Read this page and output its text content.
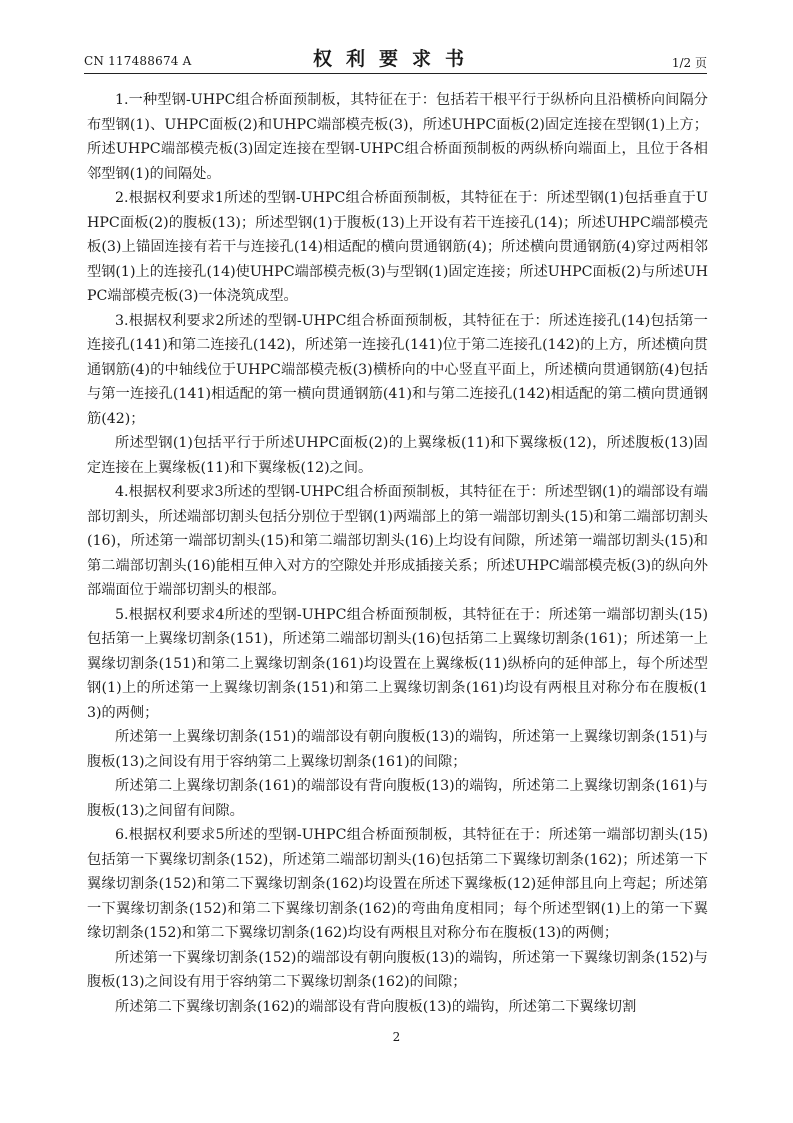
CN 117488674 A	权利要求书	1/2 页

1.一种型钢-UHPC组合桥面预制板，其特征在于：包括若干根平行于纵桥向且沿横桥向间隔分布型钢(1)、UHPC面板(2)和UHPC端部模壳板(3)，所述UHPC面板(2)固定连接在型钢(1)上方；所述UHPC端部模壳板(3)固定连接在型钢-UHPC组合桥面预制板的两纵桥向端面上，且位于各相邻型钢(1)的间隔处。

2.根据权利要求1所述的型钢-UHPC组合桥面预制板，其特征在于：所述型钢(1)包括垂直于UHPC面板(2)的腹板(13)；所述型钢(1)于腹板(13)上开设有若干连接孔(14)；所述UHPC端部模壳板(3)上锚固连接有若干与连接孔(14)相适配的横向贯通钢筋(4)；所述横向贯通钢筋(4)穿过两相邻型钢(1)上的连接孔(14)使UHPC端部模壳板(3)与型钢(1)固定连接；所述UHPC面板(2)与所述UHPC端部模壳板(3)一体浇筑成型。

3.根据权利要求2所述的型钢-UHPC组合桥面预制板，其特征在于：所述连接孔(14)包括第一连接孔(141)和第二连接孔(142)，所述第一连接孔(141)位于第二连接孔(142)的上方，所述横向贯通钢筋(4)的中轴线位于UHPC端部模壳板(3)横桥向的中心竖直平面上，所述横向贯通钢筋(4)包括与第一连接孔(141)相适配的第一横向贯通钢筋(41)和与第二连接孔(142)相适配的第二横向贯通钢筋(42)；

所述型钢(1)包括平行于所述UHPC面板(2)的上翼缘板(11)和下翼缘板(12)，所述腹板(13)固定连接在上翼缘板(11)和下翼缘板(12)之间。

4.根据权利要求3所述的型钢-UHPC组合桥面预制板，其特征在于：所述型钢(1)的端部设有端部切割头，所述端部切割头包括分别位于型钢(1)两端部上的第一端部切割头(15)和第二端部切割头(16)，所述第一端部切割头(15)和第二端部切割头(16)上均设有间隙，所述第一端部切割头(15)和第二端部切割头(16)能相互伸入对方的空隙处并形成插接关系；所述UHPC端部模壳板(3)的纵向外部端面位于端部切割头的根部。

5.根据权利要求4所述的型钢-UHPC组合桥面预制板，其特征在于：所述第一端部切割头(15)包括第一上翼缘切割条(151)，所述第二端部切割头(16)包括第二上翼缘切割条(161)；所述第一上翼缘切割条(151)和第二上翼缘切割条(161)均设置在上翼缘板(11)纵桥向的延伸部上，每个所述型钢(1)上的所述第一上翼缘切割条(151)和第二上翼缘切割条(161)均设有两根且对称分布在腹板(13)的两侧；

所述第一上翼缘切割条(151)的端部设有朝向腹板(13)的端钩，所述第一上翼缘切割条(151)与腹板(13)之间设有用于容纳第二上翼缘切割条(161)的间隙；

所述第二上翼缘切割条(161)的端部设有背向腹板(13)的端钩，所述第二上翼缘切割条(161)与腹板(13)之间留有间隙。

6.根据权利要求5所述的型钢-UHPC组合桥面预制板，其特征在于：所述第一端部切割头(15)包括第一下翼缘切割条(152)，所述第二端部切割头(16)包括第二下翼缘切割条(162)；所述第一下翼缘切割条(152)和第二下翼缘切割条(162)均设置在所述下翼缘板(12)延伸部且向上弯起；所述第一下翼缘切割条(152)和第二下翼缘切割条(162)的弯曲角度相同；每个所述型钢(1)上的第一下翼缘切割条(152)和第二下翼缘切割条(162)均设有两根且对称分布在腹板(13)的两侧；

所述第一下翼缘切割条(152)的端部设有朝向腹板(13)的端钩，所述第一下翼缘切割条(152)与腹板(13)之间设有用于容纳第二下翼缘切割条(162)的间隙；

所述第二下翼缘切割条(162)的端部设有背向腹板(13)的端钩，所述第二下翼缘切割

2
